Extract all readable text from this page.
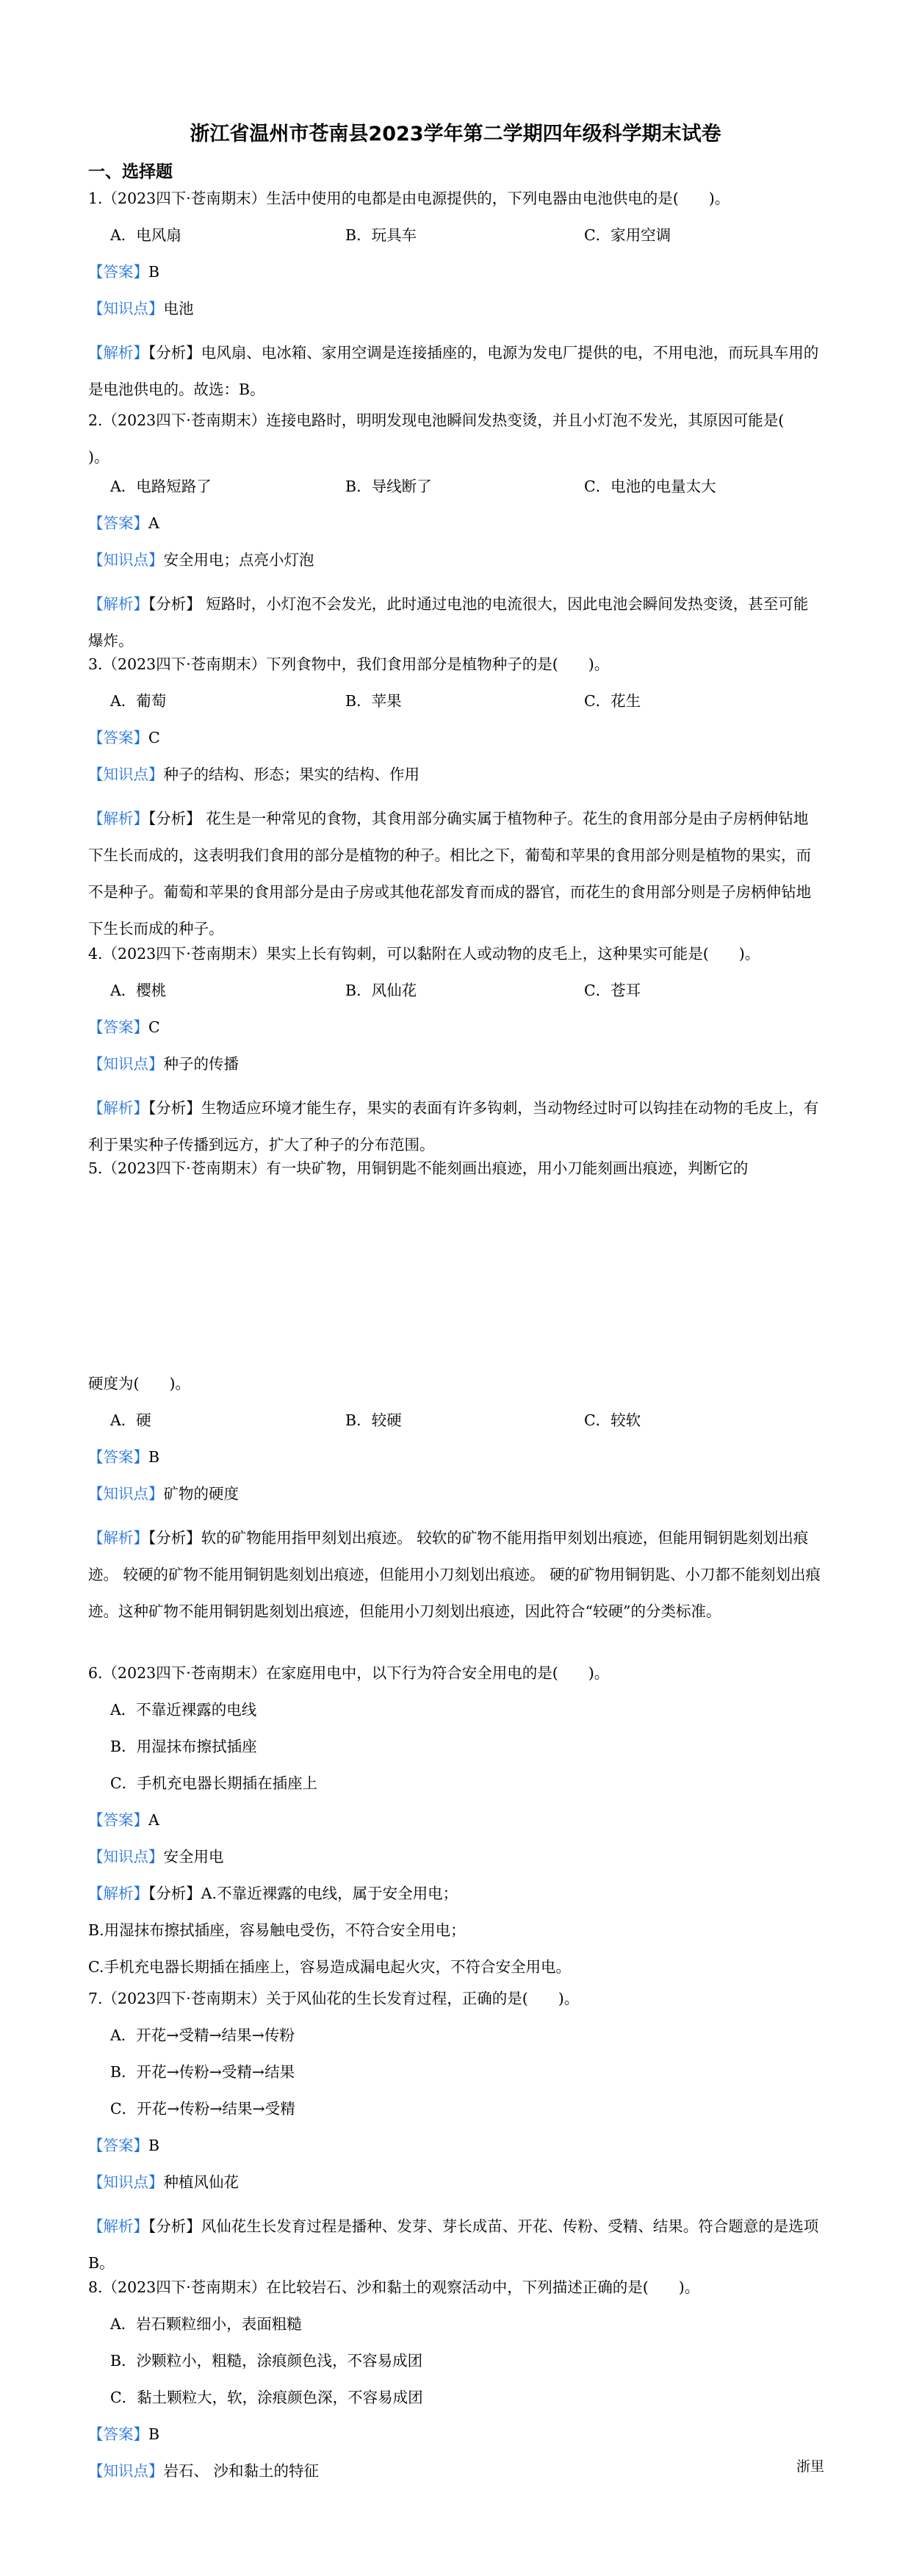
浙江省温州市苍南县2023学年第二学期四年级科学期末试卷
一、选择题
1.（2023四下·苍南期末）生活中使用的电都是由电源提供的，下列电器由电池供电的是(　　)。
A．电风扇	B．玩具车	C．家用空调
【答案】B
【知识点】电池
【解析】【分析】电风扇、电冰箱、家用空调是连接插座的，电源为发电厂提供的电，不用电池，而玩具车用的是电池供电的。故选：B。
2.（2023四下·苍南期末）连接电路时，明明发现电池瞬间发热变烫，并且小灯泡不发光，其原因可能是(　　)。
A．电路短路了	B．导线断了	C．电池的电量太大
【答案】A
【知识点】安全用电；点亮小灯泡
【解析】【分析】 短路时，小灯泡不会发光，此时通过电池的电流很大，因此电池会瞬间发热变烫，甚至可能爆炸。
3.（2023四下·苍南期末）下列食物中，我们食用部分是植物种子的是(　　)。
A．葡萄	B．苹果	C．花生
【答案】C
【知识点】种子的结构、形态；果实的结构、作用
【解析】【分析】 花生是一种常见的食物，其食用部分确实属于植物种子。花生的食用部分是由子房柄伸钻地下生长而成的，这表明我们食用的部分是植物的种子。相比之下，葡萄和苹果的食用部分则是植物的果实，而不是种子。葡萄和苹果的食用部分是由子房或其他花部发育而成的器官，而花生的食用部分则是子房柄伸钻地下生长而成的种子。
4.（2023四下·苍南期末）果实上长有钩刺，可以黏附在人或动物的皮毛上，这种果实可能是(　　)。
A．樱桃	B．风仙花	C．苍耳
【答案】C
【知识点】种子的传播
【解析】【分析】生物适应环境才能生存，果实的表面有许多钩刺，当动物经过时可以钩挂在动物的毛皮上，有利于果实种子传播到远方，扩大了种子的分布范围。
5.（2023四下·苍南期末）有一块矿物，用铜钥匙不能刻画出痕迹，用小刀能刻画出痕迹，判断它的
硬度为(　　)。
A．硬	B．较硬	C．较软
【答案】B
【知识点】矿物的硬度
【解析】【分析】软的矿物能用指甲刻划出痕迹。 较软的矿物不能用指甲刻划出痕迹，但能用铜钥匙刻划出痕迹。 较硬的矿物不能用铜钥匙刻划出痕迹，但能用小刀刻划出痕迹。 硬的矿物用铜钥匙、小刀都不能刻划出痕迹。这种矿物不能用铜钥匙刻划出痕迹，但能用小刀刻划出痕迹，因此符合“较硬”的分类标准。
6.（2023四下·苍南期末）在家庭用电中，以下行为符合安全用电的是(　　)。
A．不靠近裸露的电线
B．用湿抹布擦拭插座
C．手机充电器长期插在插座上
【答案】A
【知识点】安全用电
【解析】【分析】A.不靠近裸露的电线，属于安全用电；
B.用湿抹布擦拭插座，容易触电受伤，不符合安全用电；
C.手机充电器长期插在插座上，容易造成漏电起火灾，不符合安全用电。
7.（2023四下·苍南期末）关于风仙花的生长发育过程，正确的是(　　)。
A．开花→受精→结果→传粉
B．开花→传粉→受精→结果
C．开花→传粉→结果→受精
【答案】B
【知识点】种植风仙花
【解析】【分析】风仙花生长发育过程是播种、发芽、芽长成苗、开花、传粉、受精、结果。符合题意的是选项B。
8.（2023四下·苍南期末）在比较岩石、沙和黏土的观察活动中，下列描述正确的是(　　)。
A．岩石颗粒细小，表面粗糙
B．沙颗粒小，粗糙，涂痕颜色浅，不容易成团
C．黏土颗粒大，软，涂痕颜色深，不容易成团
【答案】B
【知识点】岩石、 沙和黏土的特征	浙里
